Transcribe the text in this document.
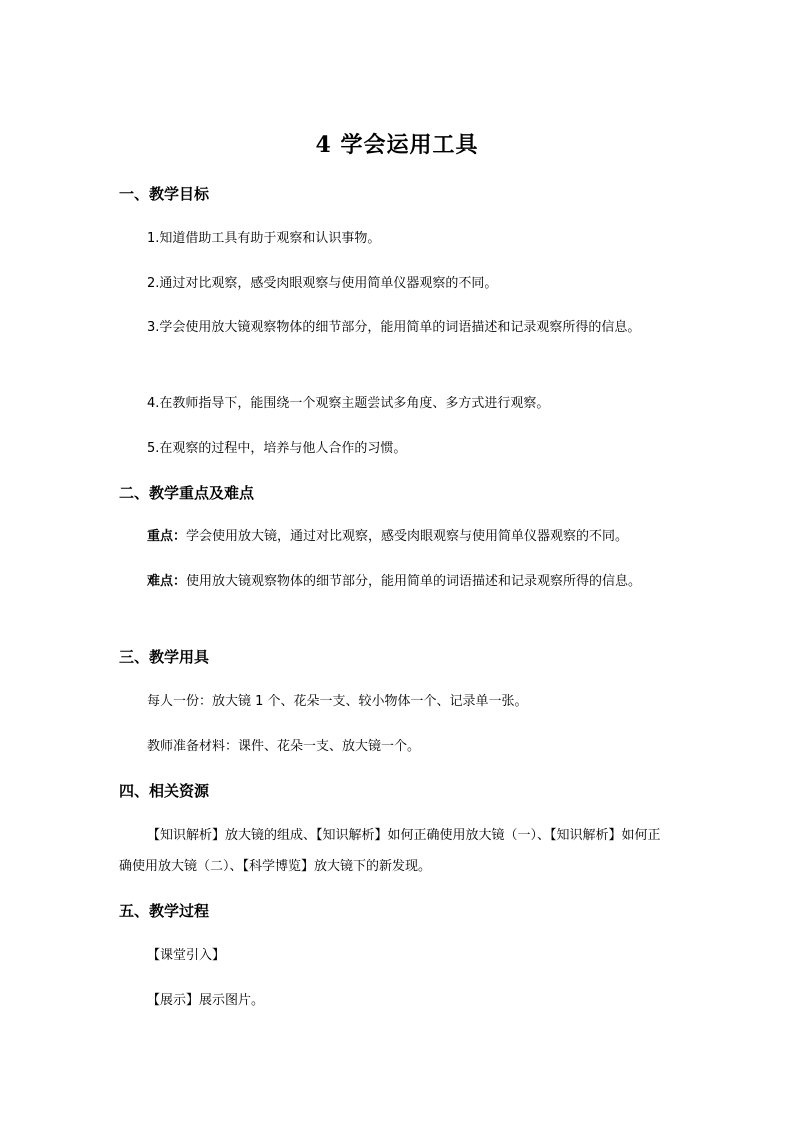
4 学会运用工具
一、教学目标

1.知道借助工具有助于观察和认识事物。

2.通过对比观察，感受肉眼观察与使用简单仪器观察的不同。

3.学会使用放大镜观察物体的细节部分，能用简单的词语描述和记录观察所得的信息。

4.在教师指导下，能围绕一个观察主题尝试多角度、多方式进行观察。

5.在观察的过程中，培养与他人合作的习惯。

二、教学重点及难点

重点：学会使用放大镜，通过对比观察，感受肉眼观察与使用简单仪器观察的不同。

难点：使用放大镜观察物体的细节部分，能用简单的词语描述和记录观察所得的信息。

三、教学用具

每人一份：放大镜 1 个、花朵一支、较小物体一个、记录单一张。

教师准备材料：课件、花朵一支、放大镜一个。

四、相关资源

【知识解析】放大镜的组成、【知识解析】如何正确使用放大镜（一）、【知识解析】如何正确使用放大镜（二）、【科学博览】放大镜下的新发现。

五、教学过程

【课堂引入】

【展示】展示图片。
